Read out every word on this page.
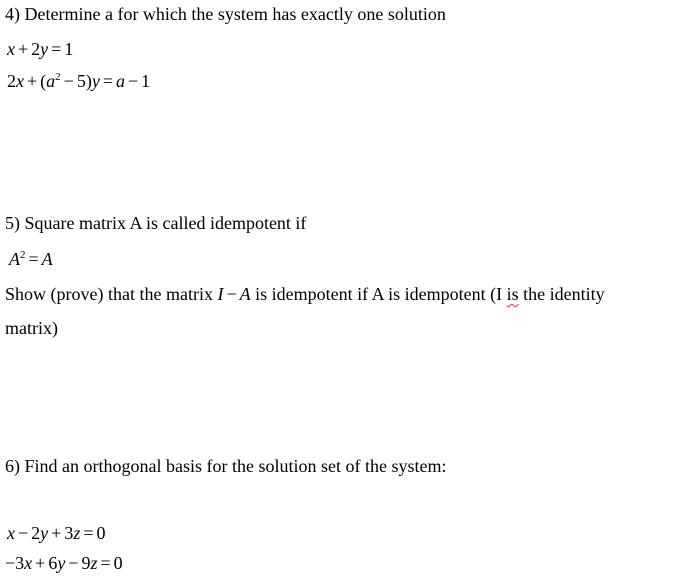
4) Determine a for which the system has exactly one solution
x + 2y = 1
$2x + (a^2 - 5)y = a - 1$
5) Square matrix A is called idempotent if
$A^2 = A$
Show (prove) that the matrix I − A is idempotent if A is idempotent (I is the identity
matrix)
6) Find an orthogonal basis for the solution set of the system:
x − 2y + 3z = 0
−3x + 6y − 9z = 0
